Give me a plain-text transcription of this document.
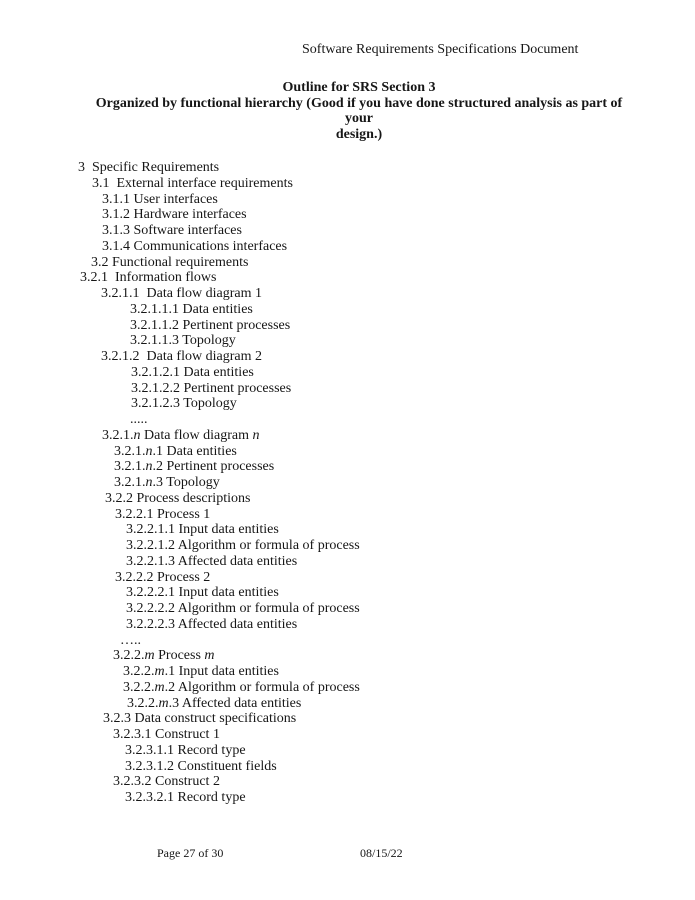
Software Requirements Specifications Document
Outline for SRS Section 3
Organized by functional hierarchy (Good if you have done structured analysis as part of your
design.)
3  Specific Requirements
3.1  External interface requirements
3.1.1 User interfaces
3.1.2 Hardware interfaces
3.1.3 Software interfaces
3.1.4 Communications interfaces
3.2 Functional requirements
3.2.1  Information flows
3.2.1.1  Data flow diagram 1
3.2.1.1.1 Data entities
3.2.1.1.2 Pertinent processes
3.2.1.1.3 Topology
3.2.1.2  Data flow diagram 2
3.2.1.2.1 Data entities
3.2.1.2.2 Pertinent processes
3.2.1.2.3 Topology
.....
3.2.1.n Data flow diagram n
3.2.1.n.1 Data entities
3.2.1.n.2 Pertinent processes
3.2.1.n.3 Topology
3.2.2 Process descriptions
3.2.2.1 Process 1
3.2.2.1.1 Input data entities
3.2.2.1.2 Algorithm or formula of process
3.2.2.1.3 Affected data entities
3.2.2.2 Process 2
3.2.2.2.1 Input data entities
3.2.2.2.2 Algorithm or formula of process
3.2.2.2.3 Affected data entities
…..
3.2.2.m Process m
3.2.2.m.1 Input data entities
3.2.2.m.2 Algorithm or formula of process
3.2.2.m.3 Affected data entities
3.2.3 Data construct specifications
3.2.3.1 Construct 1
3.2.3.1.1 Record type
3.2.3.1.2 Constituent fields
3.2.3.2 Construct 2
3.2.3.2.1 Record type
Page 27 of 30	08/15/22
